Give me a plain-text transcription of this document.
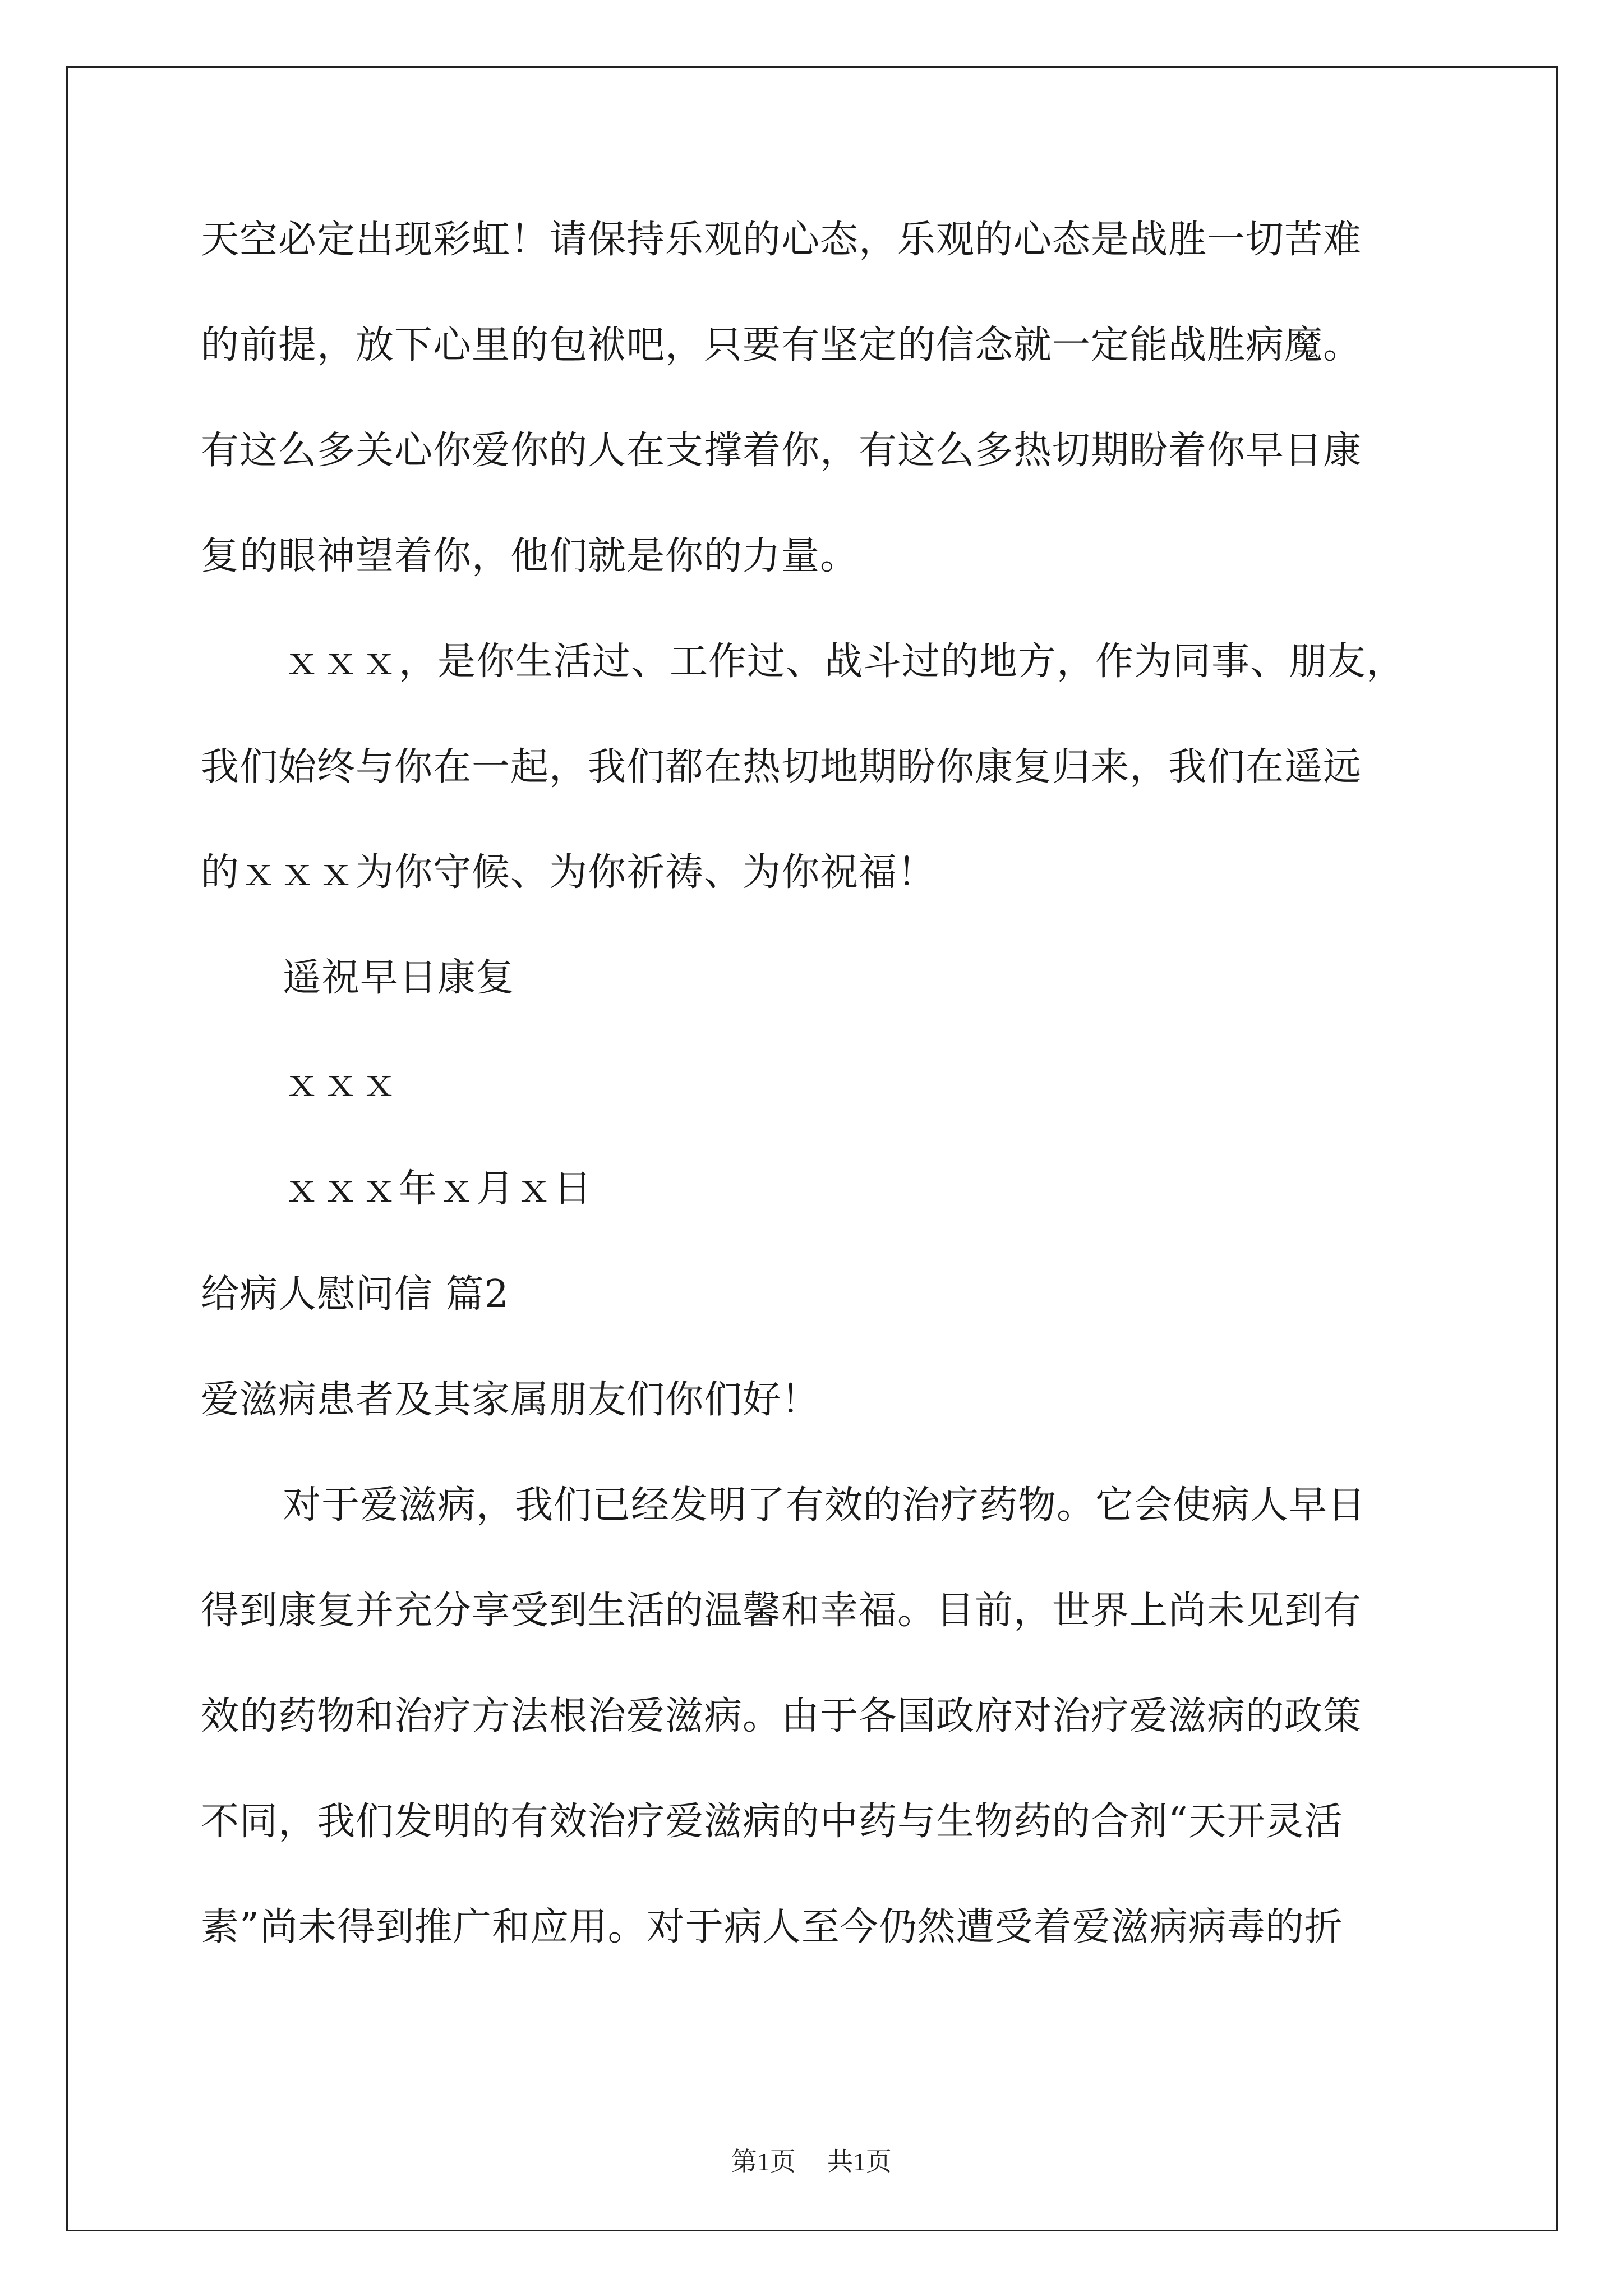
天空必定出现彩虹！请保持乐观的心态，乐观的心态是战胜一切苦难
的前提，放下心里的包袱吧，只要有坚定的信念就一定能战胜病魔。
有这么多关心你爱你的人在支撑着你，有这么多热切期盼着你早日康
复的眼神望着你，他们就是你的力量。
ｘｘｘ，是你生活过、工作过、战斗过的地方，作为同事、朋友，
我们始终与你在一起，我们都在热切地期盼你康复归来，我们在遥远
的ｘｘｘ为你守候、为你祈祷、为你祝福！
遥祝早日康复
ｘｘｘ
ｘｘｘ年ｘ月ｘ日
给病人慰问信 篇2
爱滋病患者及其家属朋友们你们好！
对于爱滋病，我们已经发明了有效的治疗药物。它会使病人早日
得到康复并充分享受到生活的温馨和幸福。目前，世界上尚未见到有
效的药物和治疗方法根治爱滋病。由于各国政府对治疗爱滋病的政策
不同，我们发明的有效治疗爱滋病的中药与生物药的合剂“天开灵活
素”尚未得到推广和应用。对于病人至今仍然遭受着爱滋病病毒的折
第1页 共1页
